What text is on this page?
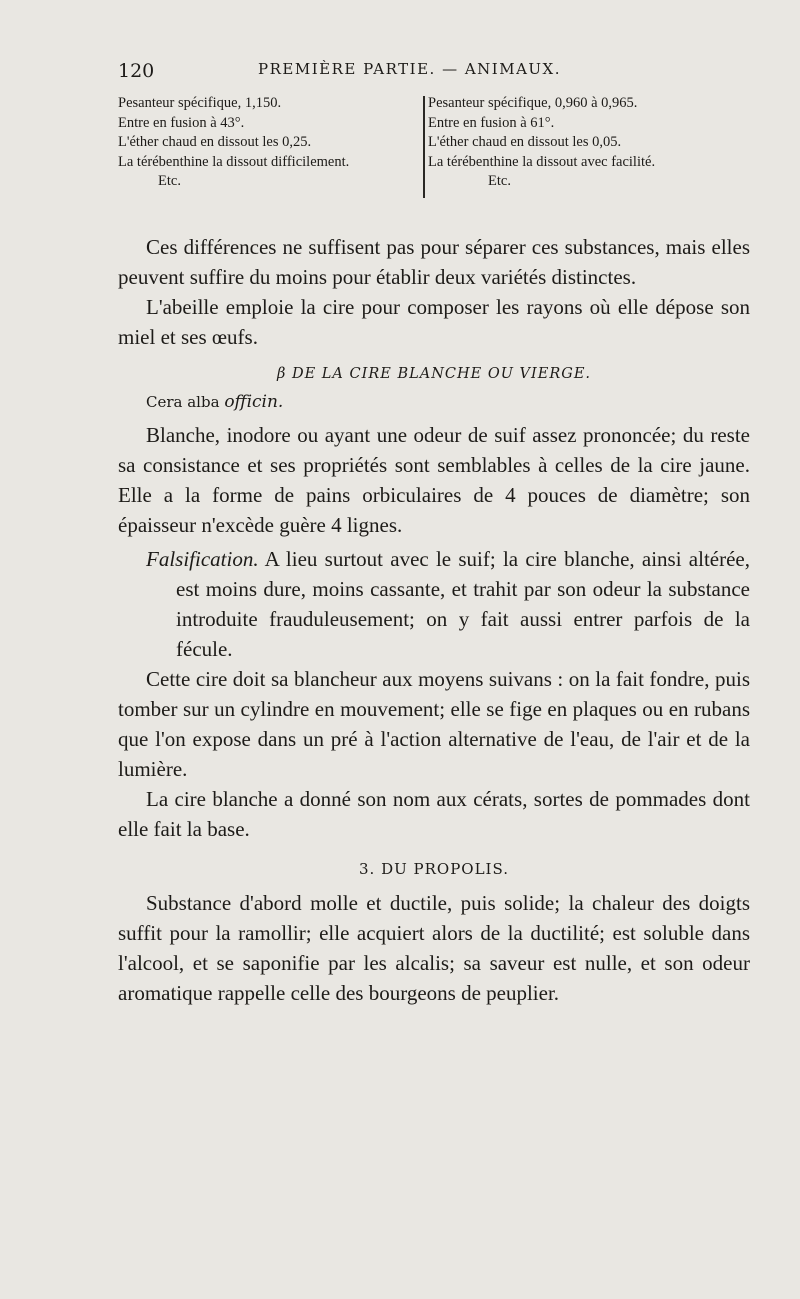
120	PREMIÈRE PARTIE. — ANIMAUX.
Pesanteur spécifique, 1,150.
Entre en fusion à 43°.
L'éther chaud en dissout les 0,25.
La térébenthine la dissout difficilement.
Etc.
Pesanteur spécifique, 0,960 à 0,965.
Entre en fusion à 61°.
L'éther chaud en dissout les 0,05.
La térébenthine la dissout avec facilité.
Etc.

Ces différences ne suffisent pas pour séparer ces substances, mais elles peuvent suffire du moins pour établir deux variétés distinctes.

L'abeille emploie la cire pour composer les rayons où elle dépose son miel et ses œufs.

β DE LA CIRE BLANCHE OU VIERGE.
Cera alba officin.

Blanche, inodore ou ayant une odeur de suif assez prononcée; du reste sa consistance et ses propriétés sont semblables à celles de la cire jaune. Elle a la forme de pains orbiculaires de 4 pouces de diamètre; son épaisseur n'excède guère 4 lignes.

Falsification. A lieu surtout avec le suif; la cire blanche, ainsi altérée, est moins dure, moins cassante, et trahit par son odeur la substance introduite frauduleusement; on y fait aussi entrer parfois de la fécule.

Cette cire doit sa blancheur aux moyens suivans : on la fait fondre, puis tomber sur un cylindre en mouvement; elle se fige en plaques ou en rubans que l'on expose dans un pré à l'action alternative de l'eau, de l'air et de la lumière.

La cire blanche a donné son nom aux cérats, sortes de pommades dont elle fait la base.

3. DU PROPOLIS.

Substance d'abord molle et ductile, puis solide; la chaleur des doigts suffit pour la ramollir; elle acquiert alors de la ductilité; est soluble dans l'alcool, et se saponifie par les alcalis; sa saveur est nulle, et son odeur aromatique rappelle celle des bourgeons de peuplier.
